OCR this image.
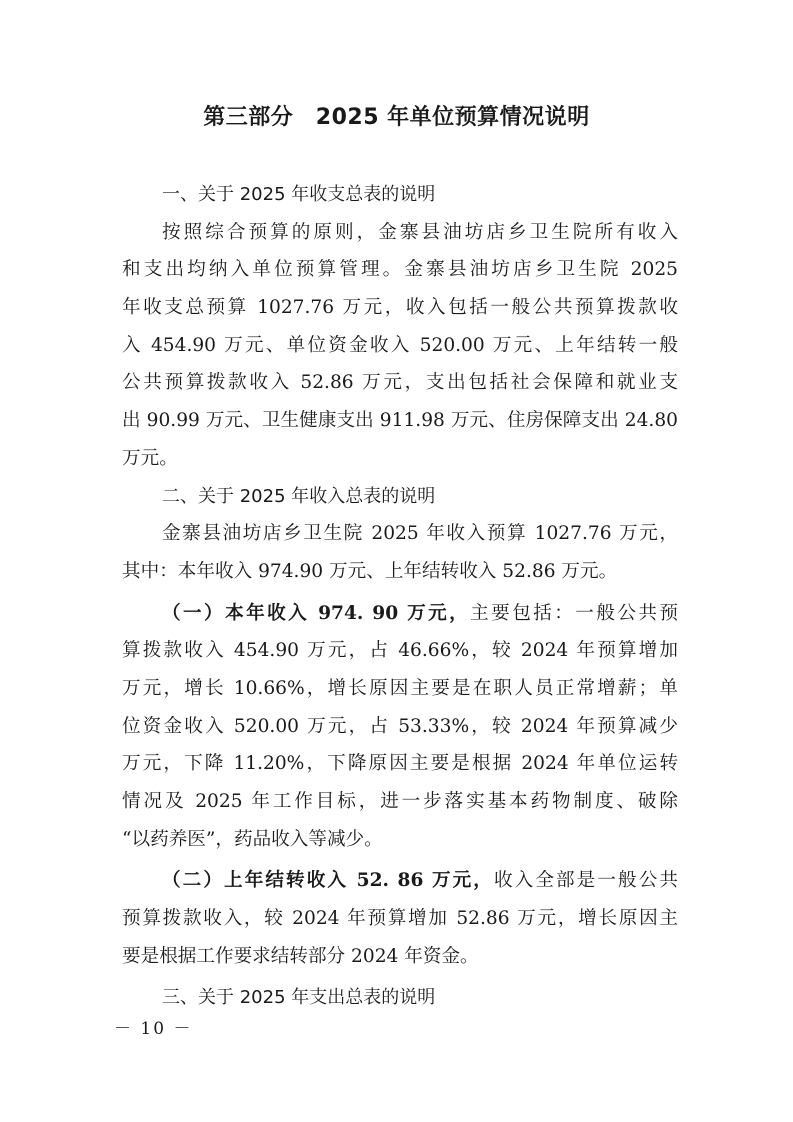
第三部分　2025 年单位预算情况说明
一、关于 2025 年收支总表的说明
按照综合预算的原则，金寨县油坊店乡卫生院所有收入
和支出均纳入单位预算管理。金寨县油坊店乡卫生院 2025
年收支总预算 1027.76 万元，收入包括一般公共预算拨款收
入 454.90 万元、单位资金收入 520.00 万元、上年结转一般
公共预算拨款收入 52.86 万元，支出包括社会保障和就业支
出 90.99 万元、卫生健康支出 911.98 万元、住房保障支出 24.80
万元。
二、关于 2025 年收入总表的说明
金寨县油坊店乡卫生院 2025 年收入预算 1027.76 万元，
其中：本年收入 974.90 万元、上年结转收入 52.86 万元。
（一）本年收入 974. 90 万元，主要包括：一般公共预
算拨款收入 454.90 万元，占 46.66%，较 2024 年预算增加
万元，增长 10.66%，增长原因主要是在职人员正常增薪；单
位资金收入 520.00 万元，占 53.33%，较 2024 年预算减少
万元，下降 11.20%，下降原因主要是根据 2024 年单位运转
情况及 2025 年工作目标，进一步落实基本药物制度、破除
“以药养医”，药品收入等减少。
（二）上年结转收入 52. 86 万元，收入全部是一般公共
预算拨款收入，较 2024 年预算增加 52.86 万元，增长原因主
要是根据工作要求结转部分 2024 年资金。
三、关于 2025 年支出总表的说明
－ 10 －
